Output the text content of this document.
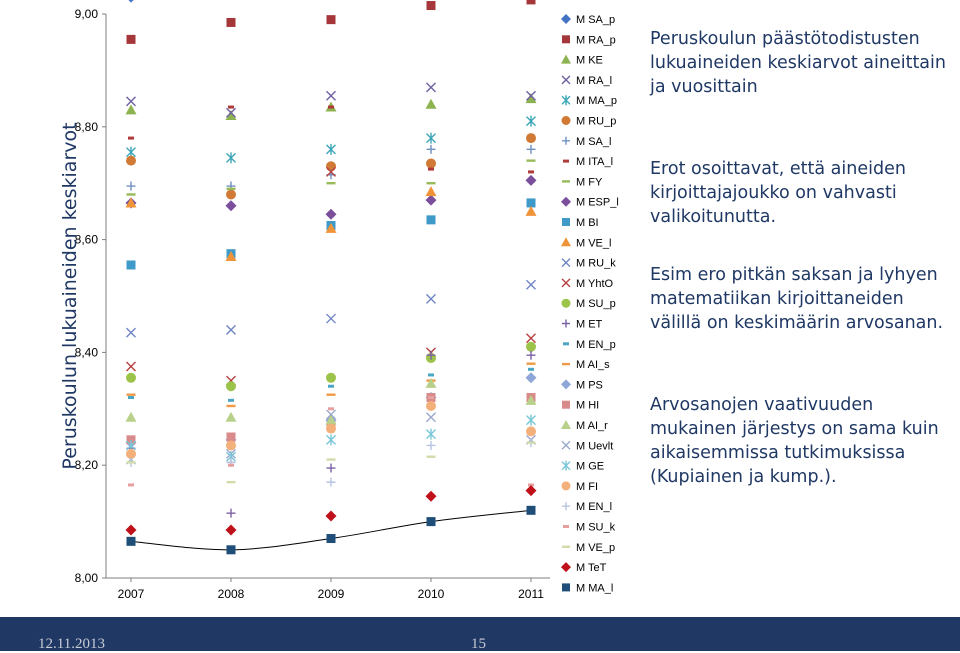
8,00
8,20
8,40
8,60
8,80
9,00
2007	2008	2009	2010	2011
Peruskoulun lukuaineiden keskiarvot
M SA_p
M RA_p
M KE
M RA_l
M MA_p
M RU_p
M SA_l
M ITA_l
M FY
M ESP_l
M BI
M VE_l
M RU_k
M YhtO
M SU_p
M ET
M EN_p
M AI_s
M PS
M HI
M AI_r
M Uevlt
M GE
M FI
M EN_l
M SU_k
M VE_p
M TeT
M MA_l
Peruskoulun päästötodistusten lukuaineiden keskiarvot aineittain ja vuosittain
Erot osoittavat, että aineiden kirjoittajajoukko on vahvasti valikoitunutta.
Esim ero pitkän saksan ja lyhyen matematiikan kirjoittaneiden välillä on keskimäärin arvosanan.
Arvosanojen vaativuuden mukainen järjestys on sama kuin aikaisemmissa tutkimuksissa (Kupiainen ja kump.).
12.11.2013	15
